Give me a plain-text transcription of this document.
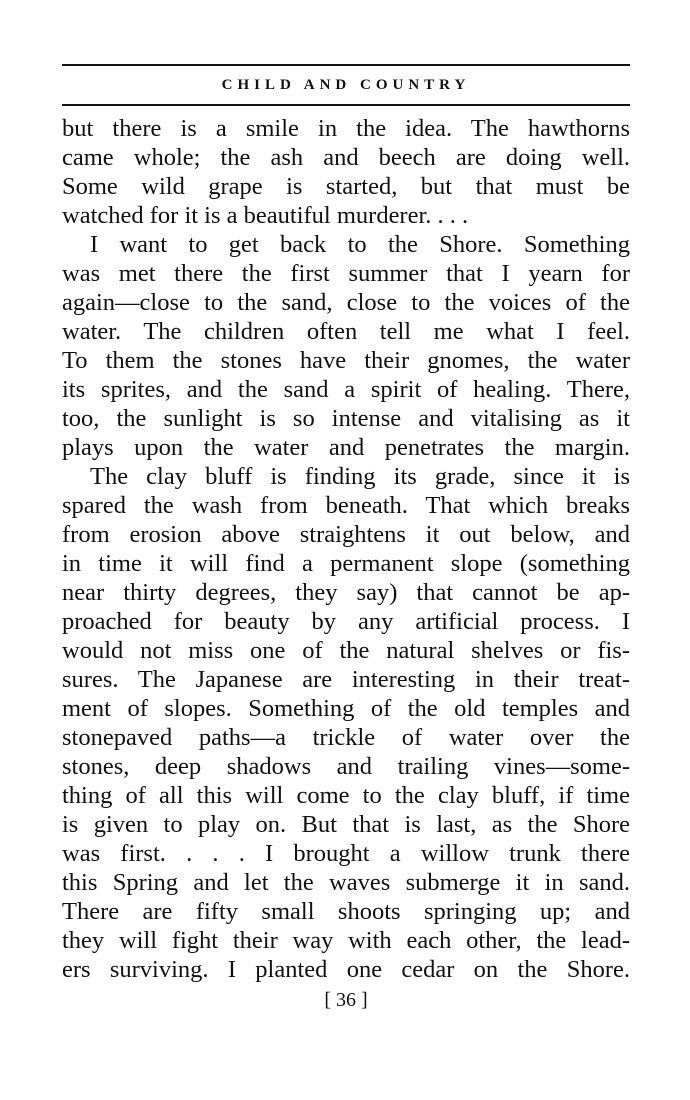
CHILD AND COUNTRY
but there is a smile in the idea. The hawthorns
came whole; the ash and beech are doing well.
Some wild grape is started, but that must be
watched for it is a beautiful murderer. . . .
I want to get back to the Shore. Something
was met there the first summer that I yearn for
again—close to the sand, close to the voices of the
water. The children often tell me what I feel.
To them the stones have their gnomes, the water
its sprites, and the sand a spirit of healing. There,
too, the sunlight is so intense and vitalising as it
plays upon the water and penetrates the margin.
The clay bluff is finding its grade, since it is
spared the wash from beneath. That which breaks
from erosion above straightens it out below, and
in time it will find a permanent slope (something
near thirty degrees, they say) that cannot be ap-
proached for beauty by any artificial process. I
would not miss one of the natural shelves or fis-
sures. The Japanese are interesting in their treat-
ment of slopes. Something of the old temples and
stonepaved paths—a trickle of water over the
stones, deep shadows and trailing vines—some-
thing of all this will come to the clay bluff, if time
is given to play on. But that is last, as the Shore
was first. . . . I brought a willow trunk there
this Spring and let the waves submerge it in sand.
There are fifty small shoots springing up; and
they will fight their way with each other, the lead-
ers surviving. I planted one cedar on the Shore.
[ 36 ]
